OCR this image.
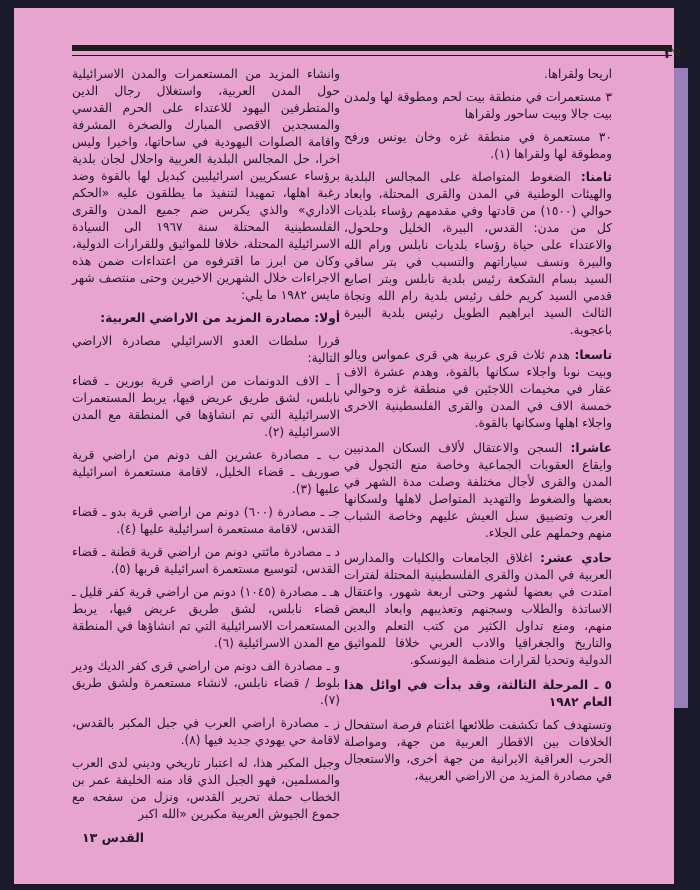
٣٩

اريحا ولقراها.

٣ مستعمرات في منطقة بيت لحم ومطوقة لها ولمدن بيت جالا وبيت ساحور ولقراها

٣٠ مستعمرة في منطقة غزه وخان يونس ورفح ومطوقة لها ولقراها (١).

ثامنا: الضغوط المتواصلة على المجالس البلدية والهيئات الوطنية في المدن والقرى المحتلة، وابعاد حوالي (١٥٠٠) من قادتها وفي مقدمهم رؤساء بلديات كل من مدن: القدس، البيرة، الخليل وحلحول، والاعتداء على حياة رؤساء بلديات نابلس ورام الله والبيرة ونسف سياراتهم والتسبب في بتر ساقي السيد بسام الشكعة رئيس بلدية نابلس وبتر اصابع قدمي السيد كريم خلف رئيس بلدية رام الله ونجاة الثالث السيد ابراهيم الطويل رئيس بلدية البيرة باعجوبة.
تاسعا: هدم ثلاث قرى عربية هي قرى عمواس ويالو وبيت نوبا واجلاء سكانها بالقوة، وهدم عشرة الاف عقار في مخيمات اللاجئين في منطقة غزه وحوالي خمسة الاف في المدن والقرى الفلسطينية الاخرى واجلاء اهلها وسكانها بالقوة.
عاشرا: السجن والاعتقال لألاف السكان المدنيين وايقاع العقوبات الجماعية وخاصة منع التجول في المدن والقرى لأجال مختلفة وصلت مدة الشهر في بعضها والضغوط والتهديد المتواصل لاهلها ولسكانها العرب وتضييق سبل العيش عليهم وخاصة الشباب منهم وحملهم على الجلاء.
حادي عشر: اغلاق الجامعات والكليات والمدارس العربية في المدن والقرى الفلسطينية المحتلة لفترات امتدت في بعضها لشهر وحتى اربعة شهور، واعتقال الاساتذة والطلاب وسجنهم وتعذيبهم وابعاد البعض منهم، ومنع تداول الكثير من كتب التعلم والدين والتاريخ والجغرافيا والادب العربي خلافا للمواثيق الدولية وتحديا لقرارات منظمة اليونسكو.

٥ ـ المرحلة الثالثة، وقد بدأت في اوائل هذا العام ١٩٨٢

وتستهدف كما تكشفت طلائعها اغتنام فرصة استفحال الخلافات بين الاقطار العربية من جهة، ومواصلة الحرب العراقية الايرانية من جهة اخرى، والاستعجال في مصادرة المزيد من الاراضي العربية،

وانشاء المزيد من المستعمرات والمدن الاسرائيلية حول المدن العربية، واستغلال رجال الدين والمتطرفين اليهود للاعتداء على الحرم القدسي والمسجدين الاقصى المبارك والصخرة المشرفة واقامة الصلوات اليهودية في ساحاتها، واخيرا وليس اخرا، حل المجالس البلدية العربية واحلال لجان بلدية برؤساء عسكريين اسرائيليين كبديل لها بالقوة وضد رغبة اهلها، تمهيدا لتنفيذ ما يطلقون عليه «الحكم الاداري» والذي يكرس ضم جميع المدن والقرى الفلسطينية المحتلة سنة ١٩٦٧ الى السيادة الاسرائيلية المحتلة، خلافا للمواثيق وللقرارات الدولية، وكان من ابرز ما اقترفوه من اعتداءات ضمن هذه الاجراءات خلال الشهرين الاخيرين وحتى منتصف شهر مايس ١٩٨٢ ما يلي:

أولا: مصادرة المزيد من الاراضي العربية:

قررا سلطات العدو الاسرائيلي مصادرة الاراضي التالية:

أ ـ الاف الدونمات من اراضي قرية بورين ـ قضاء نابلس، لشق طريق عريض فيها، يربط المستعمرات الاسرائيلية التي تم انشاؤها في المنطقة مع المدن الاسرائيلية (٢).

ب ـ مصادرة عشرين الف دونم من اراضي قرية صوريف ـ قضاء الخليل، لاقامة مستعمرة اسرائيلية عليها (٣).

جـ ـ مصادرة (٦٠٠) دونم من اراضي قرية بدو ـ قضاء القدس، لاقامة مستعمرة اسرائيلية عليها (٤).

د ـ مصادرة مائتي دونم من اراضي قرية قطنة ـ قضاء القدس، لتوسيع مستعمرة اسرائيلية قربها (٥).

هـ ـ مصادرة (١٠٤٥) دونم من اراضي قرية كفر قليل ـ قضاء نابلس، لشق طريق عريض فيها، يربط المستعمرات الاسرائيلية التي تم انشاؤها في المنطقة مع المدن الاسرائيلية (٦).

و ـ مصادرة الف دونم من اراضي قرى كفر الديك ودير بلوط / قضاء نابلس، لانشاء مستعمرة ولشق طريق (٧).

ز ـ مصادرة اراضي العرب في جبل المكبر بالقدس، لاقامة حي يهودي جديد فيها (٨).

وجبل المكبر هذا، له اعتبار تاريخي وديني لدى العرب والمسلمين، فهو الجبل الذي قاد منه الخليفة عمر بن الخطاب حملة تحرير القدس، ونزل من سفحه مع جموع الجيوش العربية مكبرين «الله اكبر

القدس ١٣
